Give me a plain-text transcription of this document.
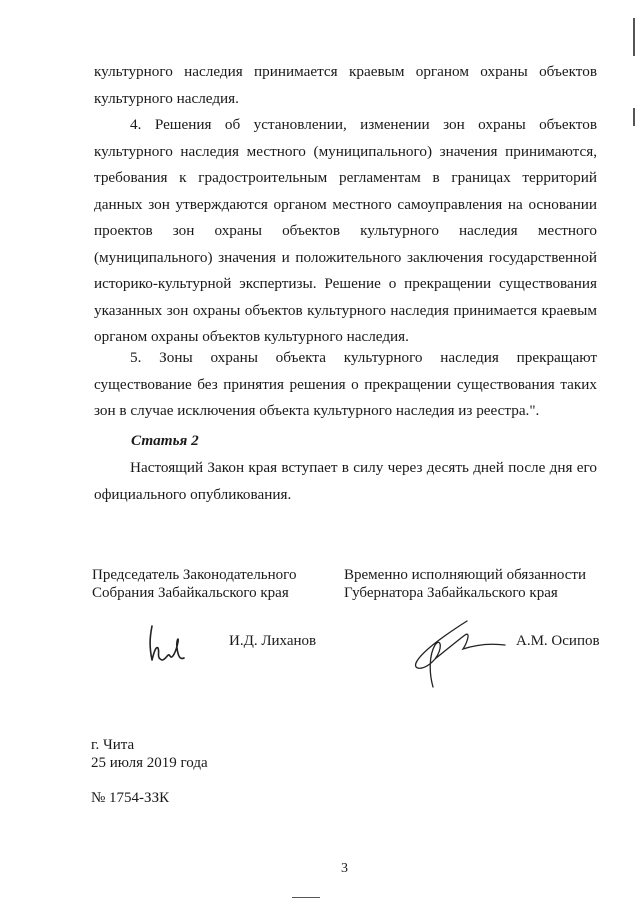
культурного наследия принимается краевым органом охраны объектов культурного наследия.

4. Решения об установлении, изменении зон охраны объектов культурного наследия местного (муниципального) значения принимаются, требования к градостроительным регламентам в границах территорий данных зон утверждаются органом местного самоуправления на основании проектов зон охраны объектов культурного наследия местного (муниципального) значения и положительного заключения государственной историко-культурной экспертизы. Решение о прекращении существования указанных зон охраны объектов культурного наследия принимается краевым органом охраны объектов культурного наследия.

5. Зоны охраны объекта культурного наследия прекращают существование без принятия решения о прекращении существования таких зон в случае исключения объекта культурного наследия из реестра.".

Статья 2

Настоящий Закон края вступает в силу через десять дней после дня его официального опубликования.

Председатель Законодательного
Собрания Забайкальского края
Временно исполняющий обязанности
Губернатора Забайкальского края

И.Д. Лиханов	А.М. Осипов

г. Чита

25 июля 2019 года

№ 1754-ЗЗК

3
